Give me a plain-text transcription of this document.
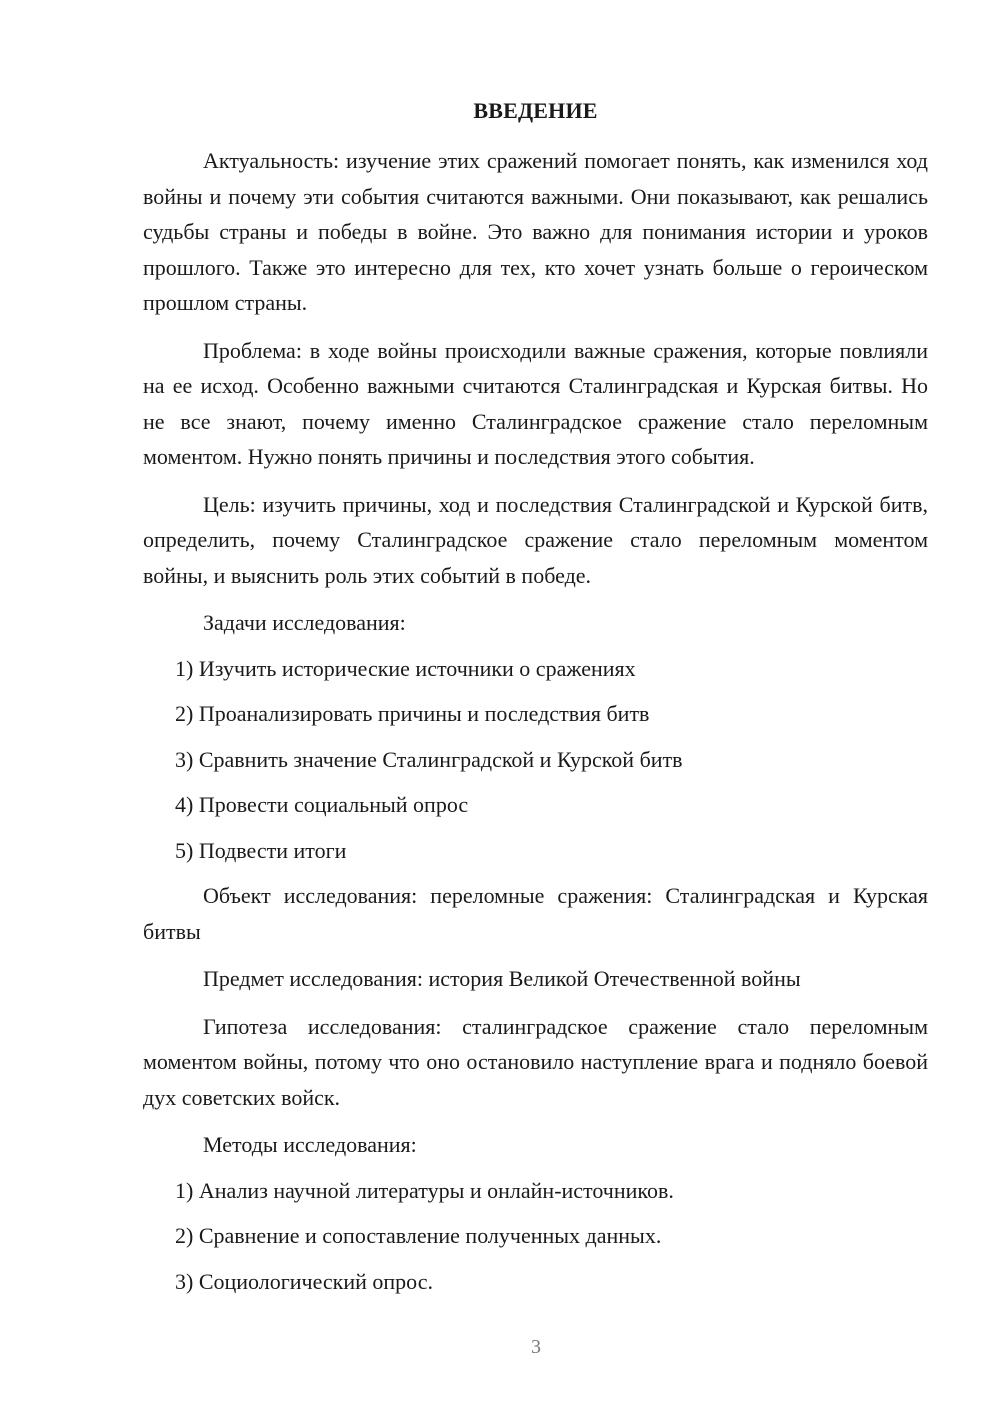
ВВЕДЕНИЕ

Актуальность: изучение этих сражений помогает понять, как изменился ход войны и почему эти события считаются важными. Они показывают, как решались судьбы страны и победы в войне. Это важно для понимания истории и уроков прошлого. Также это интересно для тех, кто хочет узнать больше о героическом прошлом страны.

Проблема: в ходе войны происходили важные сражения, которые повлияли на ее исход. Особенно важными считаются Сталинградская и Курская битвы. Но не все знают, почему именно Сталинградское сражение стало переломным моментом. Нужно понять причины и последствия этого события.

Цель: изучить причины, ход и последствия Сталинградской и Курской битв, определить, почему Сталинградское сражение стало переломным моментом войны, и выяснить роль этих событий в победе.

Задачи исследования:
1) Изучить исторические источники о сражениях
2) Проанализировать причины и последствия битв
3) Сравнить значение Сталинградской и Курской битв
4) Провести социальный опрос
5) Подвести итоги

Объект исследования: переломные сражения: Сталинградская и Курская битвы

Предмет исследования: история Великой Отечественной войны

Гипотеза исследования: сталинградское сражение стало переломным моментом войны, потому что оно остановило наступление врага и подняло боевой дух советских войск.

Методы исследования:
1) Анализ научной литературы и онлайн-источников.
2) Сравнение и сопоставление полученных данных.
3) Социологический опрос.
3
